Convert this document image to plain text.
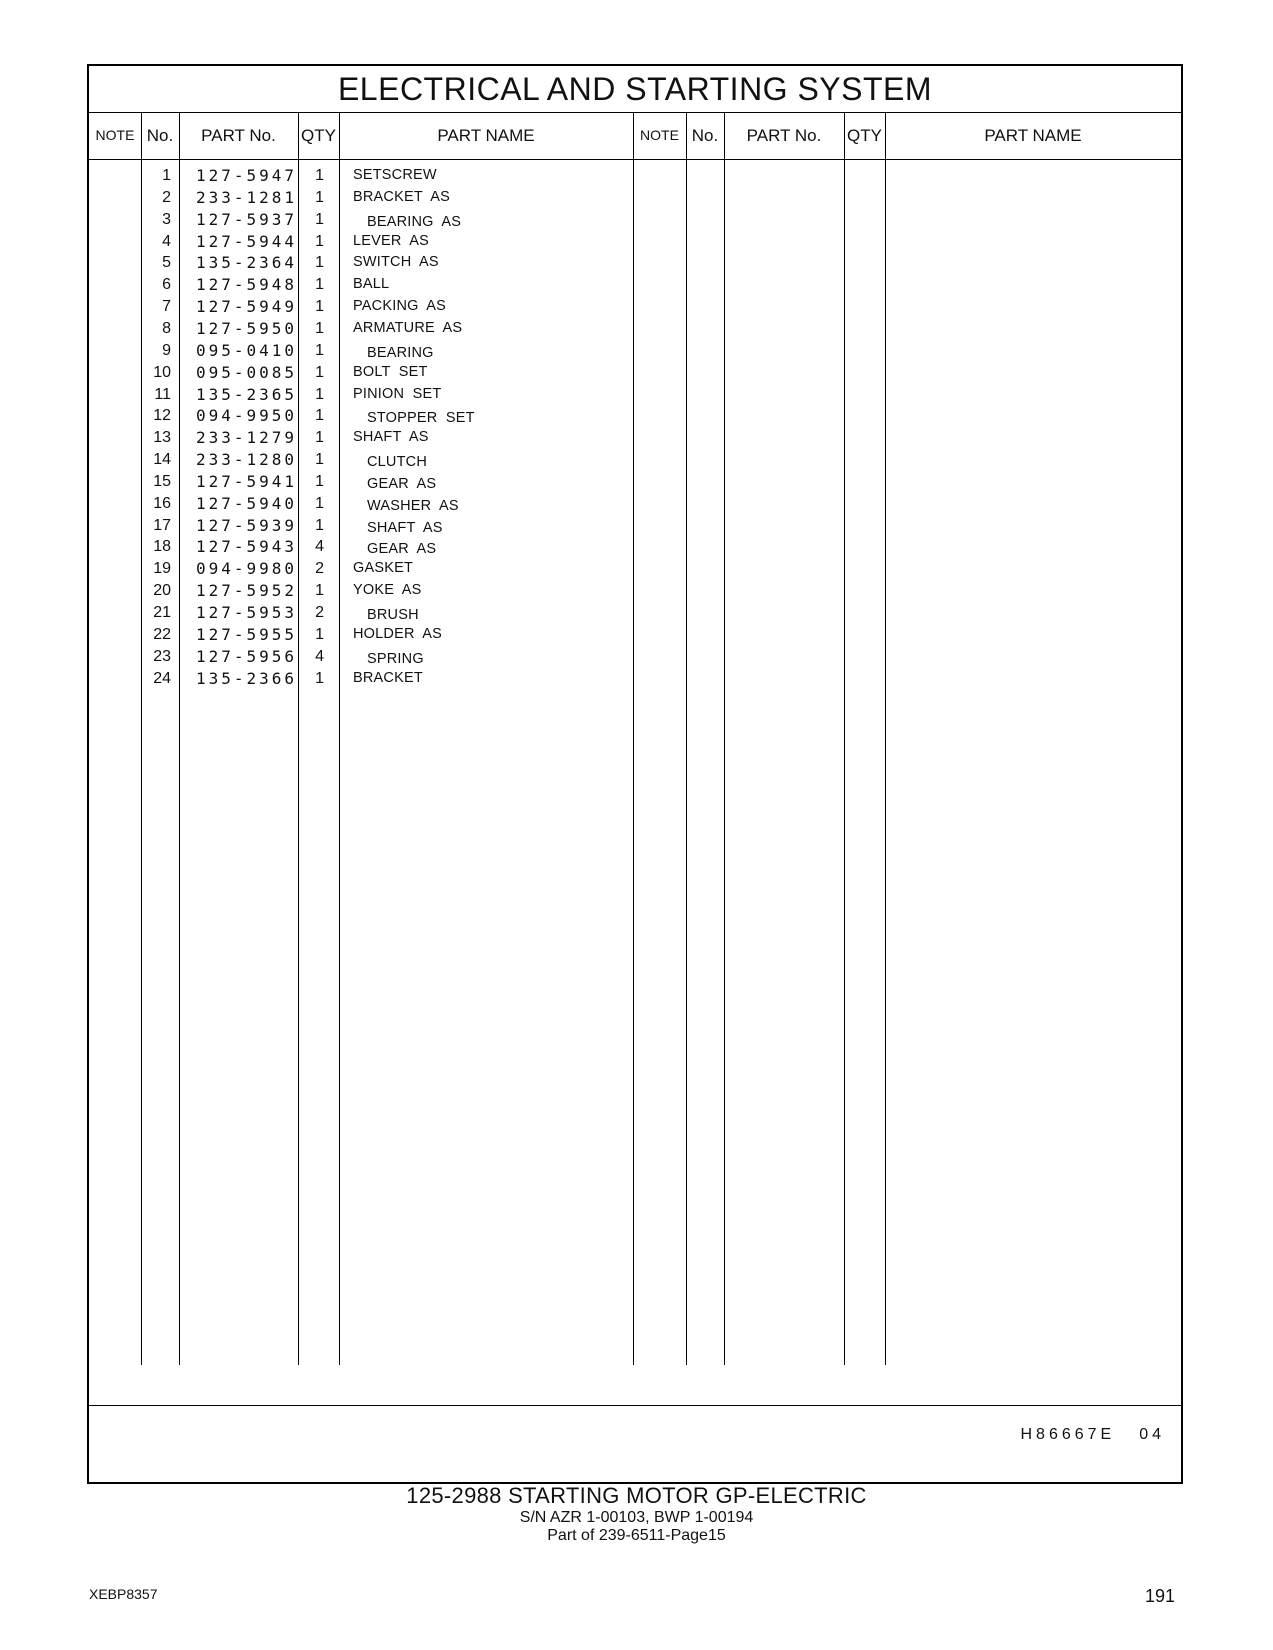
ELECTRICAL AND STARTING SYSTEM
NOTE No.	PART No.	QTY	PART NAME	NOTE No.	PART No.	QTY	PART NAME
1 127-5947	1 SETSCREW
2 233-1281	1 BRACKET  AS
3 127-5937	1	BEARING  AS
4 127-5944	1 LEVER  AS
5 135-2364	1 SWITCH  AS
6 127-5948	1 BALL
7 127-5949	1 PACKING  AS
8 127-5950	1 ARMATURE  AS
9 095-0410	1	BEARING
10 095-0085	1 BOLT  SET
11 135-2365	1 PINION  SET
12 094-9950	1	STOPPER  SET
13 233-1279	1 SHAFT  AS
14 233-1280	1	CLUTCH
15 127-5941	1	GEAR  AS
16 127-5940	1	WASHER  AS
17 127-5939	1	SHAFT  AS
18 127-5943	4	GEAR  AS
19 094-9980	2 GASKET
20 127-5952	1 YOKE  AS
21 127-5953	2	BRUSH
22 127-5955	1 HOLDER  AS
23 127-5956	4	SPRING
24 135-2366	1 BRACKET
H86667E 04
125-2988 STARTING MOTOR GP-ELECTRIC
S/N AZR 1-00103, BWP 1-00194
Part of 239-6511-Page15
XEBP8357	191
